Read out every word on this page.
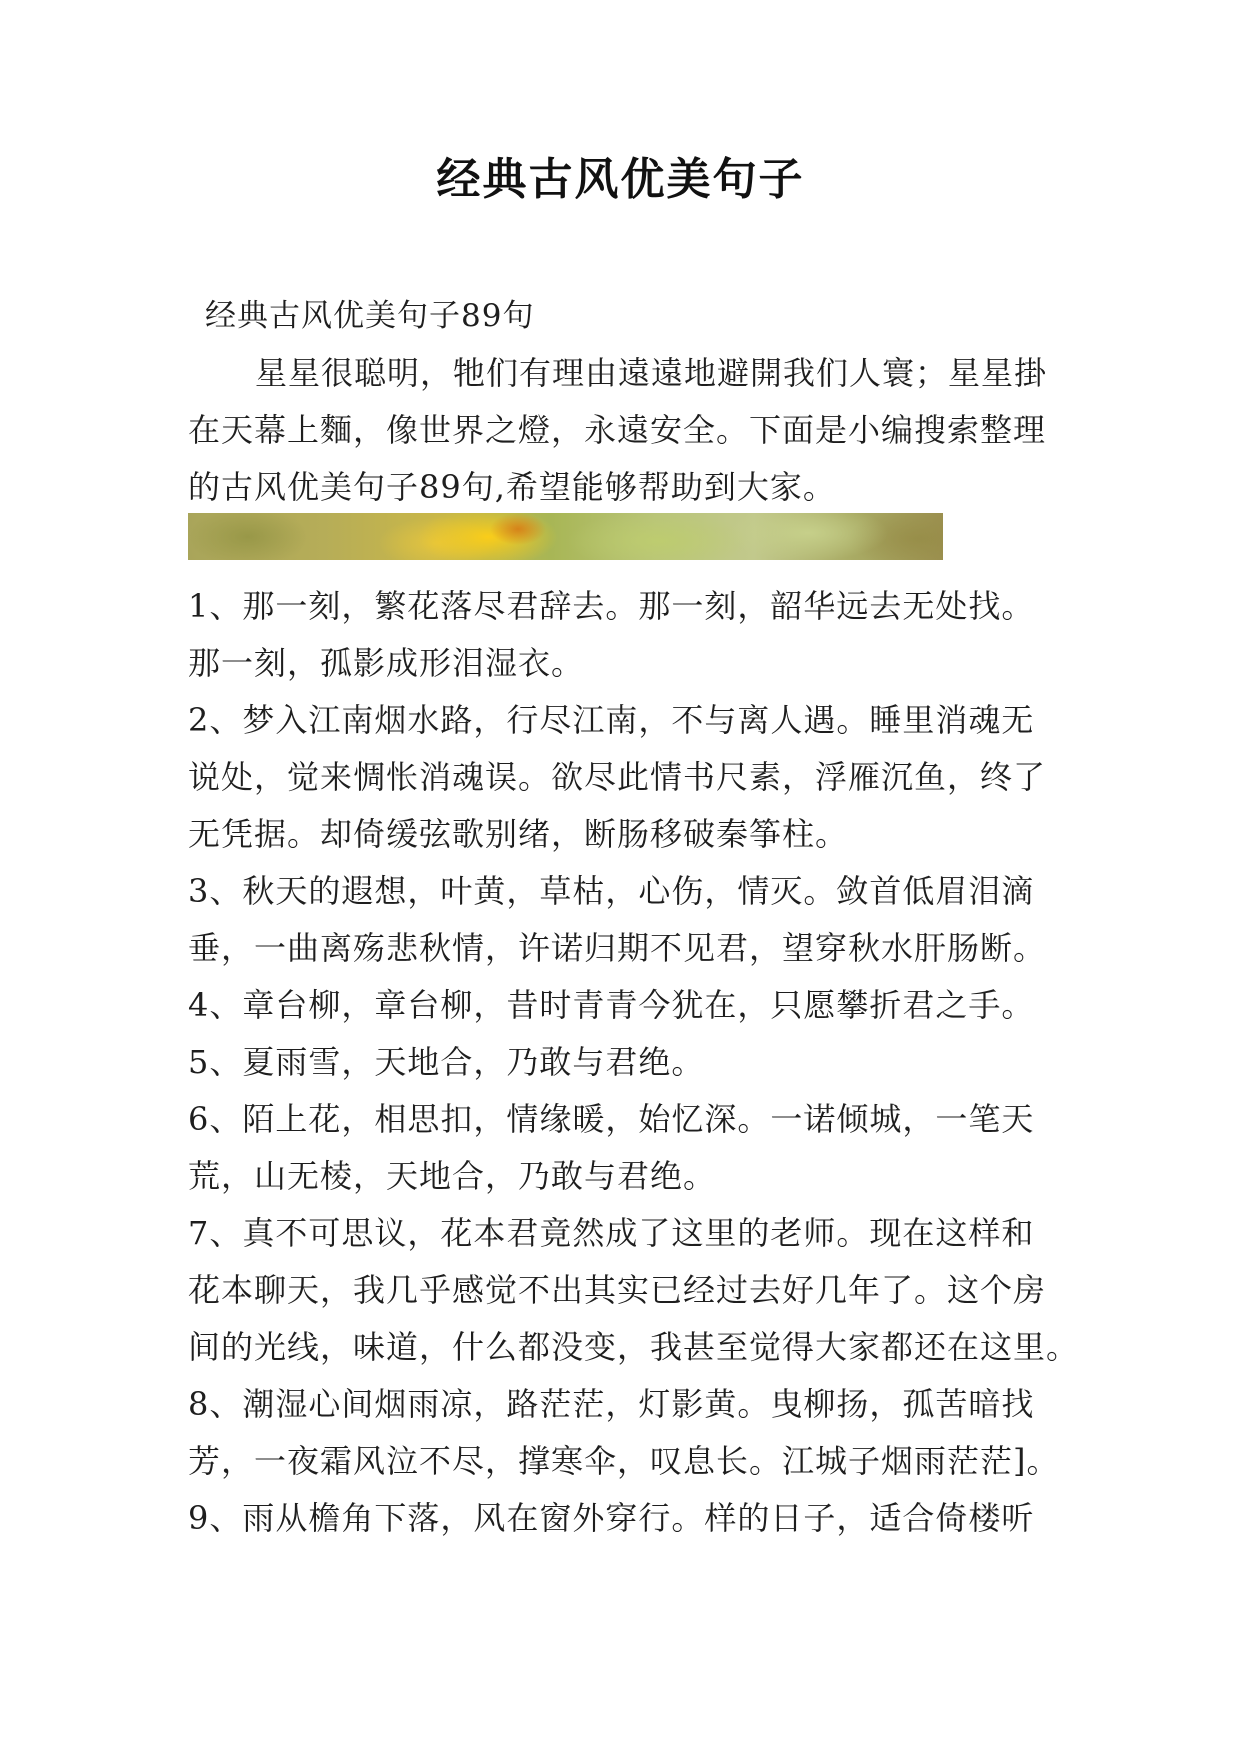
经典古风优美句子
经典古风优美句子89句
星星很聪明，牠们有理由遠遠地避開我们人寰；星星掛
在天幕上麵，像世界之燈，永遠安全。下面是小编搜索整理
的古风优美句子89句,希望能够帮助到大家。
1、那一刻，繁花落尽君辞去。那一刻，韶华远去无处找。
那一刻，孤影成形泪湿衣。
2、梦入江南烟水路，行尽江南，不与离人遇。睡里消魂无
说处，觉来惆怅消魂误。欲尽此情书尺素，浮雁沉鱼，终了
无凭据。却倚缓弦歌别绪，断肠移破秦筝柱。
3、秋天的遐想，叶黄，草枯，心伤，情灭。敛首低眉泪滴
垂，一曲离殇悲秋情，许诺归期不见君，望穿秋水肝肠断。
4、章台柳，章台柳，昔时青青今犹在，只愿攀折君之手。
5、夏雨雪，天地合，乃敢与君绝。
6、陌上花，相思扣，情缘暖，始忆深。一诺倾城，一笔天
荒，山无棱，天地合，乃敢与君绝。
7、真不可思议，花本君竟然成了这里的老师。现在这样和
花本聊天，我几乎感觉不出其实已经过去好几年了。这个房
间的光线，味道，什么都没变，我甚至觉得大家都还在这里。
8、潮湿心间烟雨凉，路茫茫，灯影黄。曳柳扬，孤苦暗找
芳，一夜霜风泣不尽，撑寒伞，叹息长。江城子烟雨茫茫]。
9、雨从檐角下落，风在窗外穿行。样的日子，适合倚楼听
